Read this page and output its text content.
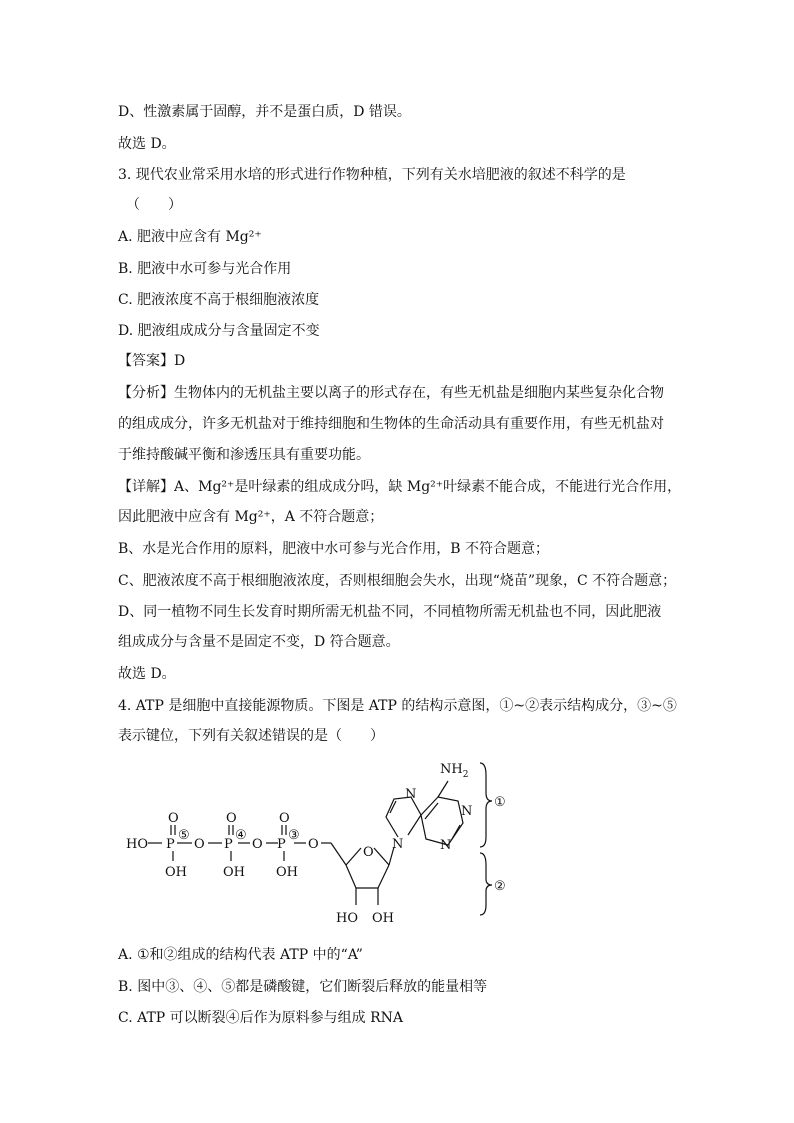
D、性激素属于固醇，并不是蛋白质，D 错误。
故选 D。
3. 现代农业常采用水培的形式进行作物种植，下列有关水培肥液的叙述不科学的是
（　　）
A. 肥液中应含有 Mg²⁺
B. 肥液中水可参与光合作用
C. 肥液浓度不高于根细胞液浓度
D. 肥液组成成分与含量固定不变
【答案】D
【分析】生物体内的无机盐主要以离子的形式存在，有些无机盐是细胞内某些复杂化合物
的组成成分，许多无机盐对于维持细胞和生物体的生命活动具有重要作用，有些无机盐对
于维持酸碱平衡和渗透压具有重要功能。
【详解】A、Mg²⁺是叶绿素的组成成分吗，缺 Mg²⁺叶绿素不能合成，不能进行光合作用，
因此肥液中应含有 Mg²⁺，A 不符合题意；
B、水是光合作用的原料，肥液中水可参与光合作用，B 不符合题意；
C、肥液浓度不高于根细胞液浓度，否则根细胞会失水，出现“烧苗”现象，C 不符合题意；
D、同一植物不同生长发育时期所需无机盐不同，不同植物所需无机盐也不同，因此肥液
组成成分与含量不是固定不变，D 符合题意。
故选 D。
4. ATP 是细胞中直接能源物质。下图是 ATP 的结构示意图，①~②表示结构成分，③~⑤
表示键位，下列有关叙述错误的是（　　）
$NH_2$
N
N
N
N
O
HO P	P	P
O	O	O
O	O	O
OH	OH OH
HO OH
⑤	④	③
①
②
A. ①和②组成的结构代表 ATP 中的“A”
B. 图中③、④、⑤都是磷酸键，它们断裂后释放的能量相等
C. ATP 可以断裂④后作为原料参与组成 RNA
